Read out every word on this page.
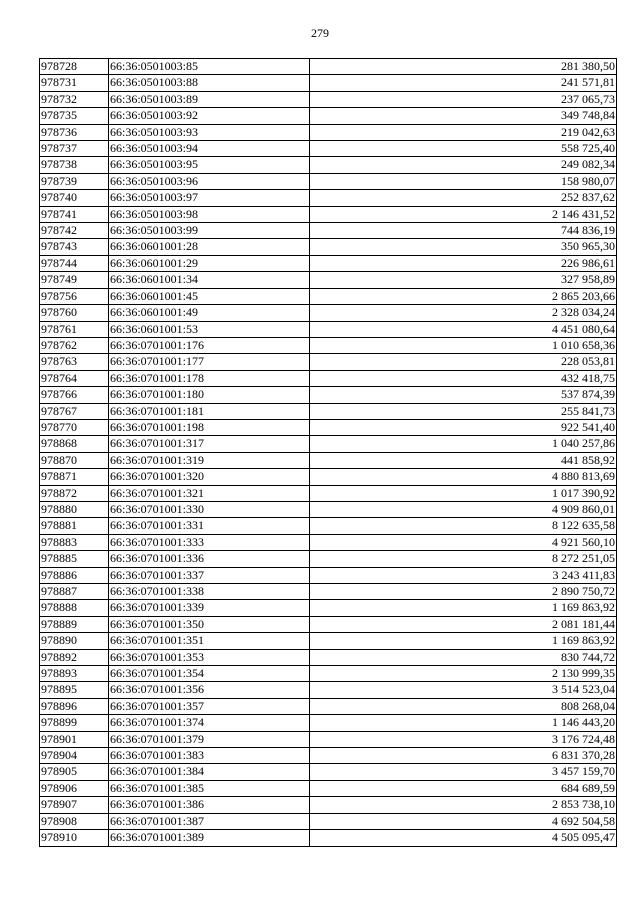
279
978728	66:36:0501003:85	281 380,50
978731	66:36:0501003:88	241 571,81
978732	66:36:0501003:89	237 065,73
978735	66:36:0501003:92	349 748,84
978736	66:36:0501003:93	219 042,63
978737	66:36:0501003:94	558 725,40
978738	66:36:0501003:95	249 082,34
978739	66:36:0501003:96	158 980,07
978740	66:36:0501003:97	252 837,62
978741	66:36:0501003:98	2 146 431,52
978742	66:36:0501003:99	744 836,19
978743	66:36:0601001:28	350 965,30
978744	66:36:0601001:29	226 986,61
978749	66:36:0601001:34	327 958,89
978756	66:36:0601001:45	2 865 203,66
978760	66:36:0601001:49	2 328 034,24
978761	66:36:0601001:53	4 451 080,64
978762	66:36:0701001:176	1 010 658,36
978763	66:36:0701001:177	228 053,81
978764	66:36:0701001:178	432 418,75
978766	66:36:0701001:180	537 874,39
978767	66:36:0701001:181	255 841,73
978770	66:36:0701001:198	922 541,40
978868	66:36:0701001:317	1 040 257,86
978870	66:36:0701001:319	441 858,92
978871	66:36:0701001:320	4 880 813,69
978872	66:36:0701001:321	1 017 390,92
978880	66:36:0701001:330	4 909 860,01
978881	66:36:0701001:331	8 122 635,58
978883	66:36:0701001:333	4 921 560,10
978885	66:36:0701001:336	8 272 251,05
978886	66:36:0701001:337	3 243 411,83
978887	66:36:0701001:338	2 890 750,72
978888	66:36:0701001:339	1 169 863,92
978889	66:36:0701001:350	2 081 181,44
978890	66:36:0701001:351	1 169 863,92
978892	66:36:0701001:353	830 744,72
978893	66:36:0701001:354	2 130 999,35
978895	66:36:0701001:356	3 514 523,04
978896	66:36:0701001:357	808 268,04
978899	66:36:0701001:374	1 146 443,20
978901	66:36:0701001:379	3 176 724,48
978904	66:36:0701001:383	6 831 370,28
978905	66:36:0701001:384	3 457 159,70
978906	66:36:0701001:385	684 689,59
978907	66:36:0701001:386	2 853 738,10
978908	66:36:0701001:387	4 692 504,58
978910	66:36:0701001:389	4 505 095,47
